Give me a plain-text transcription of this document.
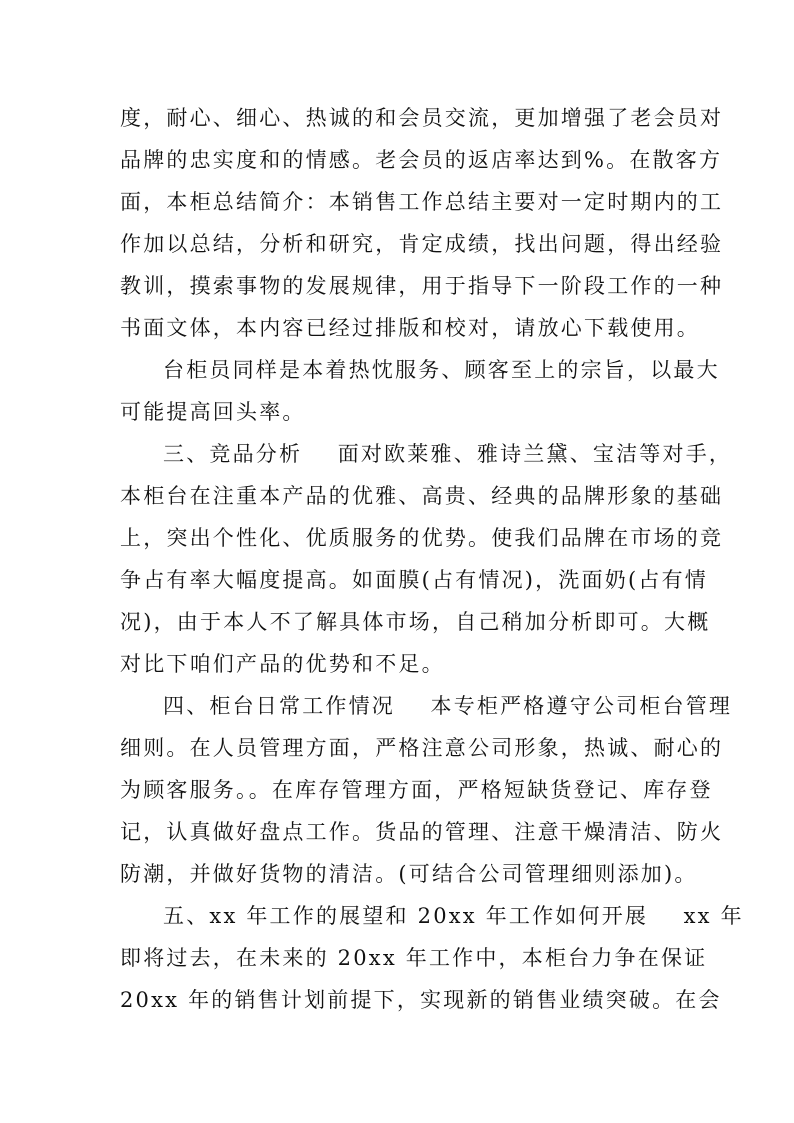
度，耐心、细心、热诚的和会员交流，更加增强了老会员对
品牌的忠实度和的情感。老会员的返店率达到%。在散客方
面，本柜总结简介：本销售工作总结主要对一定时期内的工
作加以总结，分析和研究，肯定成绩，找出问题，得出经验
教训，摸索事物的发展规律，用于指导下一阶段工作的一种
书面文体，本内容已经过排版和校对，请放心下载使用。
台柜员同样是本着热忱服务、顾客至上的宗旨，以最大
可能提高回头率。
三、竞品分析    面对欧莱雅、雅诗兰黛、宝洁等对手，
本柜台在注重本产品的优雅、高贵、经典的品牌形象的基础
上，突出个性化、优质服务的优势。使我们品牌在市场的竞
争占有率大幅度提高。如面膜(占有情况)，洗面奶(占有情
况)，由于本人不了解具体市场，自己稍加分析即可。大概
对比下咱们产品的优势和不足。
四、柜台日常工作情况    本专柜严格遵守公司柜台管理
细则。在人员管理方面，严格注意公司形象，热诚、耐心的
为顾客服务。。在库存管理方面，严格短缺货登记、库存登
记，认真做好盘点工作。货品的管理、注意干燥清洁、防火
防潮，并做好货物的清洁。(可结合公司管理细则添加)。
五、xx 年工作的展望和 20xx 年工作如何开展    xx 年
即将过去，在未来的 20xx 年工作中，本柜台力争在保证
20xx 年的销售计划前提下，实现新的销售业绩突破。在会
